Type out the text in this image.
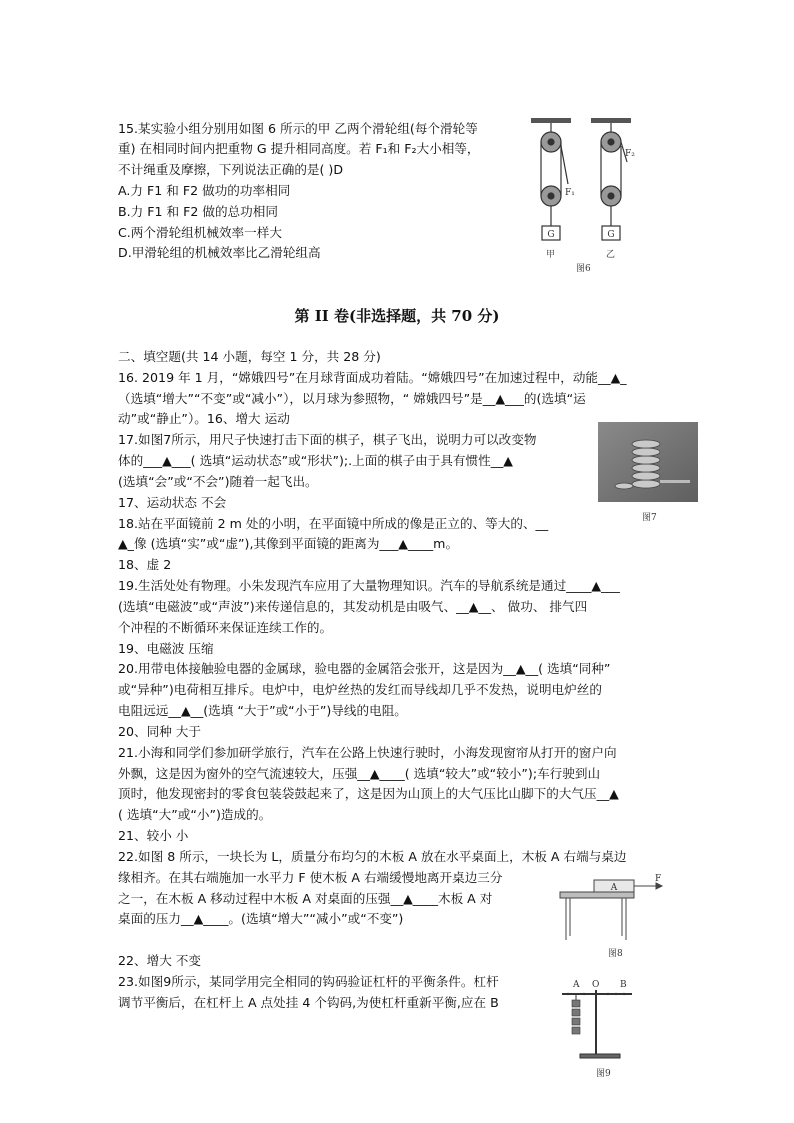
15.某实验小组分别用如图 6 所示的甲 乙两个滑轮组(每个滑轮等
重) 在相同时间内把重物 G 提升相同高度。若 F₁和 F₂大小相等，
不计绳重及摩擦，下列说法正确的是( )D
A.力 F1 和 F2 做功的功率相同
B.力 F1 和 F2 做的总功相同
C.两个滑轮组机械效率一样大
D.甲滑轮组的机械效率比乙滑轮组高
G	G
F₁
F₂
甲	乙
图6
第 II 卷(非选择题，共 70 分)
二、填空题(共 14 小题，每空 1 分，共 28 分)
16. 2019 年 1 月，“嫦娥四号”在月球背面成功着陆。“嫦娥四号”在加速过程中，动能__▲_
（选填“增大”“不变”或“减小”），以月球为参照物，“ 嫦娥四号”是__▲___的(选填“运
动”或“静止”）。16、增大 运动
17.如图7所示，用尺子快速打击下面的棋子，棋子飞出，说明力可以改变物
体的___▲___( 选填“运动状态”或“形状”);.上面的棋子由于具有惯性__▲
(选填“会”或“不会”)随着一起飞出。
17、运动状态 不会
18.站在平面镜前 2 m 处的小明，在平面镜中所成的像是正立的、等大的、__
▲_像 (选填“实”或“虚”),其像到平面镜的距离为___▲____m。
18、虚 2
19.生活处处有物理。小朱发现汽车应用了大量物理知识。汽车的导航系统是通过____▲___
(选填“电磁波”或“声波”)来传递信息的，其发动机是由吸气、__▲__、 做功、 排气四
个冲程的不断循环来保证连续工作的。
19、电磁波 压缩
20.用带电体接触验电器的金属球，验电器的金属箔会张开，这是因为__▲__( 选填“同种”
或“异种”)电荷相互排斥。电炉中，电炉丝热的发红而导线却几乎不发热，说明电炉丝的
电阻远远__▲__(选填 “大于”或“小于”)导线的电阻。
20、同种 大于
21.小海和同学们参加研学旅行，汽车在公路上快速行驶时，小海发现窗帘从打开的窗户向
外飘，这是因为窗外的空气流速较大，压强__▲____( 选填“较大”或“较小”);车行驶到山
顶时，他发现密封的零食包装袋鼓起来了，这是因为山顶上的大气压比山脚下的大气压__▲
( 选填“大”或“小”)造成的。
21、较小 小
22.如图 8 所示，一块长为 L，质量分布均匀的木板 A 放在水平桌面上，木板 A 右端与桌边
缘相齐。在其右端施加一水平力 F 使木板 A 右端缓慢地离开桌边三分
之一，在木板 A 移动过程中木板 A 对桌面的压强__▲____木板 A 对
桌面的压力__▲____。(选填“增大”“减小”或“不变”)
22、增大 不变
23.如图9所示，某同学用完全相同的钩码验证杠杆的平衡条件。杠杆
调节平衡后，在杠杆上 A 点处挂 4 个钩码,为使杠杆重新平衡,应在 B
图7
A
F
图8
A O B
图9
